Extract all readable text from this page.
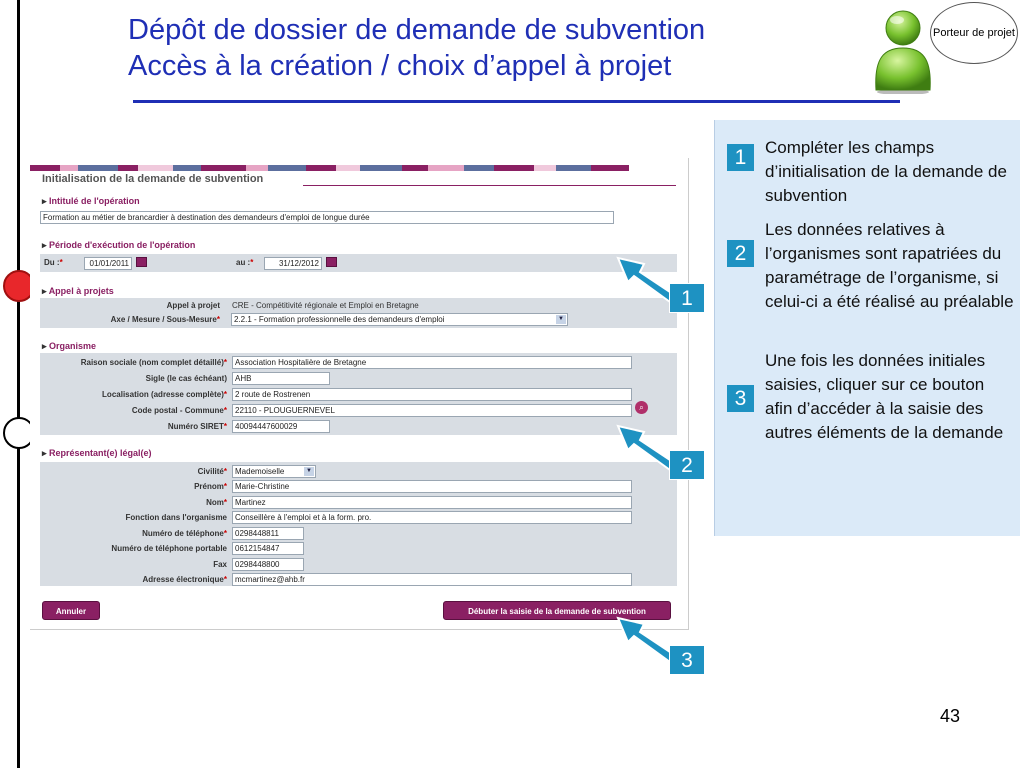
Dépôt de dossier de demande de subvention
Accès à la création / choix d’appel à projet
Porteur de projet
Initialisation de la demande de subvention
▸ Intitulé de l'opération
Formation au métier de brancardier à destination des demandeurs d'emploi de longue durée
▸ Période d'exécution de l'opération
Du :*	01/01/2011	au :*	31/12/2012
▸ Appel à projets
Appel à projet CRE - Compétitivité régionale et Emploi en Bretagne
Axe / Mesure / Sous-Mesure*	2.2.1 - Formation professionnelle des demandeurs d'emploi	▼
▸ Organisme
Raison sociale (nom complet détaillé)*	Association Hospitalière de Bretagne
Sigle (le cas échéant)	AHB
Localisation (adresse complète)*	2 route de Rostrenen
Code postal - Commune*	22110 - PLOUGUERNEVEL
Numéro SIRET*	40094447600029
⌕
▸ Représentant(e) légal(e)
Civilité*	Mademoiselle	▼
Prénom*	Marie-Christine
Nom*	Martinez
Fonction dans l'organisme	Conseillère à l'emploi et à la form. pro.
Numéro de téléphone*	0298448811
Numéro de téléphone portable	0612154847
Fax	0298448800
Adresse électronique*	mcmartinez@ahb.fr
Annuler	Débuter la saisie de la demande de subvention
1
2
3
1	Compléter les champs d’initialisation de la demande de subvention
2
Les données relatives à l’organismes sont rapatriées du paramétrage de l’organisme, si celui-ci a été réalisé au préalable
3
Une fois les données initiales saisies, cliquer sur ce bouton afin d’accéder à la saisie des autres éléments de la demande
43
